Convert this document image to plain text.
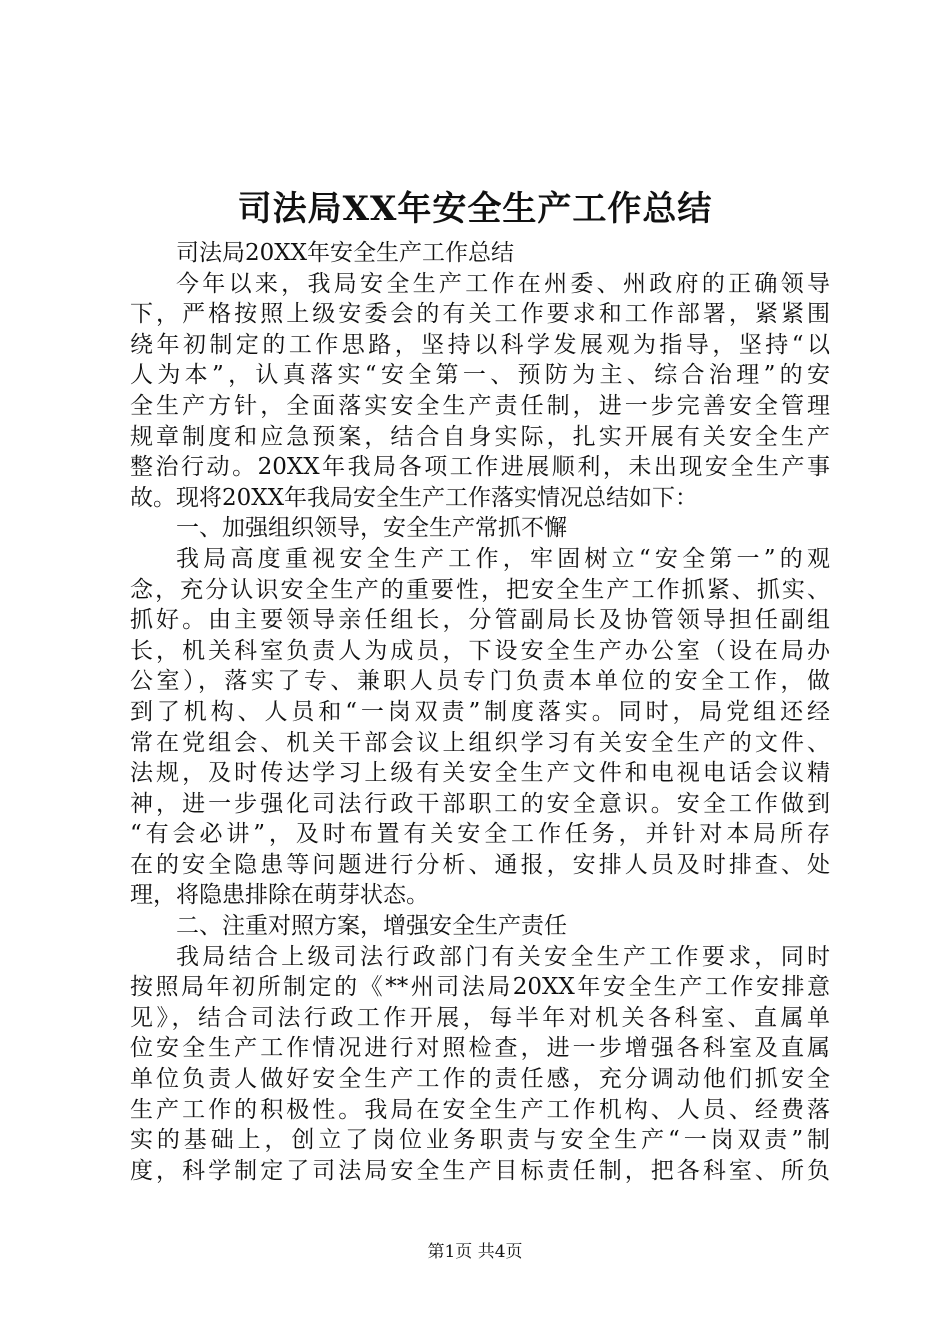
司法局XX年安全生产工作总结
司法局20XX年安全生产工作总结
今年以来，我局安全生产工作在州委、州政府的正确领导
下，严格按照上级安委会的有关工作要求和工作部署，紧紧围
绕年初制定的工作思路，坚持以科学发展观为指导，坚持“以
人为本”，认真落实“安全第一、预防为主、综合治理”的安
全生产方针，全面落实安全生产责任制，进一步完善安全管理
规章制度和应急预案，结合自身实际，扎实开展有关安全生产
整治行动。20XX年我局各项工作进展顺利，未出现安全生产事
故。现将20XX年我局安全生产工作落实情况总结如下：
一、加强组织领导，安全生产常抓不懈
我局高度重视安全生产工作，牢固树立“安全第一”的观
念，充分认识安全生产的重要性，把安全生产工作抓紧、抓实、
抓好。由主要领导亲任组长，分管副局长及协管领导担任副组
长，机关科室负责人为成员，下设安全生产办公室（设在局办
公室），落实了专、兼职人员专门负责本单位的安全工作，做
到了机构、人员和“一岗双责”制度落实。同时，局党组还经
常在党组会、机关干部会议上组织学习有关安全生产的文件、
法规，及时传达学习上级有关安全生产文件和电视电话会议精
神，进一步强化司法行政干部职工的安全意识。安全工作做到
“有会必讲”，及时布置有关安全工作任务，并针对本局所存
在的安全隐患等问题进行分析、通报，安排人员及时排查、处
理，将隐患排除在萌芽状态。
二、注重对照方案，增强安全生产责任
我局结合上级司法行政部门有关安全生产工作要求，同时
按照局年初所制定的《**州司法局20XX年安全生产工作安排意
见》，结合司法行政工作开展，每半年对机关各科室、直属单
位安全生产工作情况进行对照检查，进一步增强各科室及直属
单位负责人做好安全生产工作的责任感，充分调动他们抓安全
生产工作的积极性。我局在安全生产工作机构、人员、经费落
实的基础上，创立了岗位业务职责与安全生产“一岗双责”制
度，科学制定了司法局安全生产目标责任制，把各科室、所负
第1页 共4页
